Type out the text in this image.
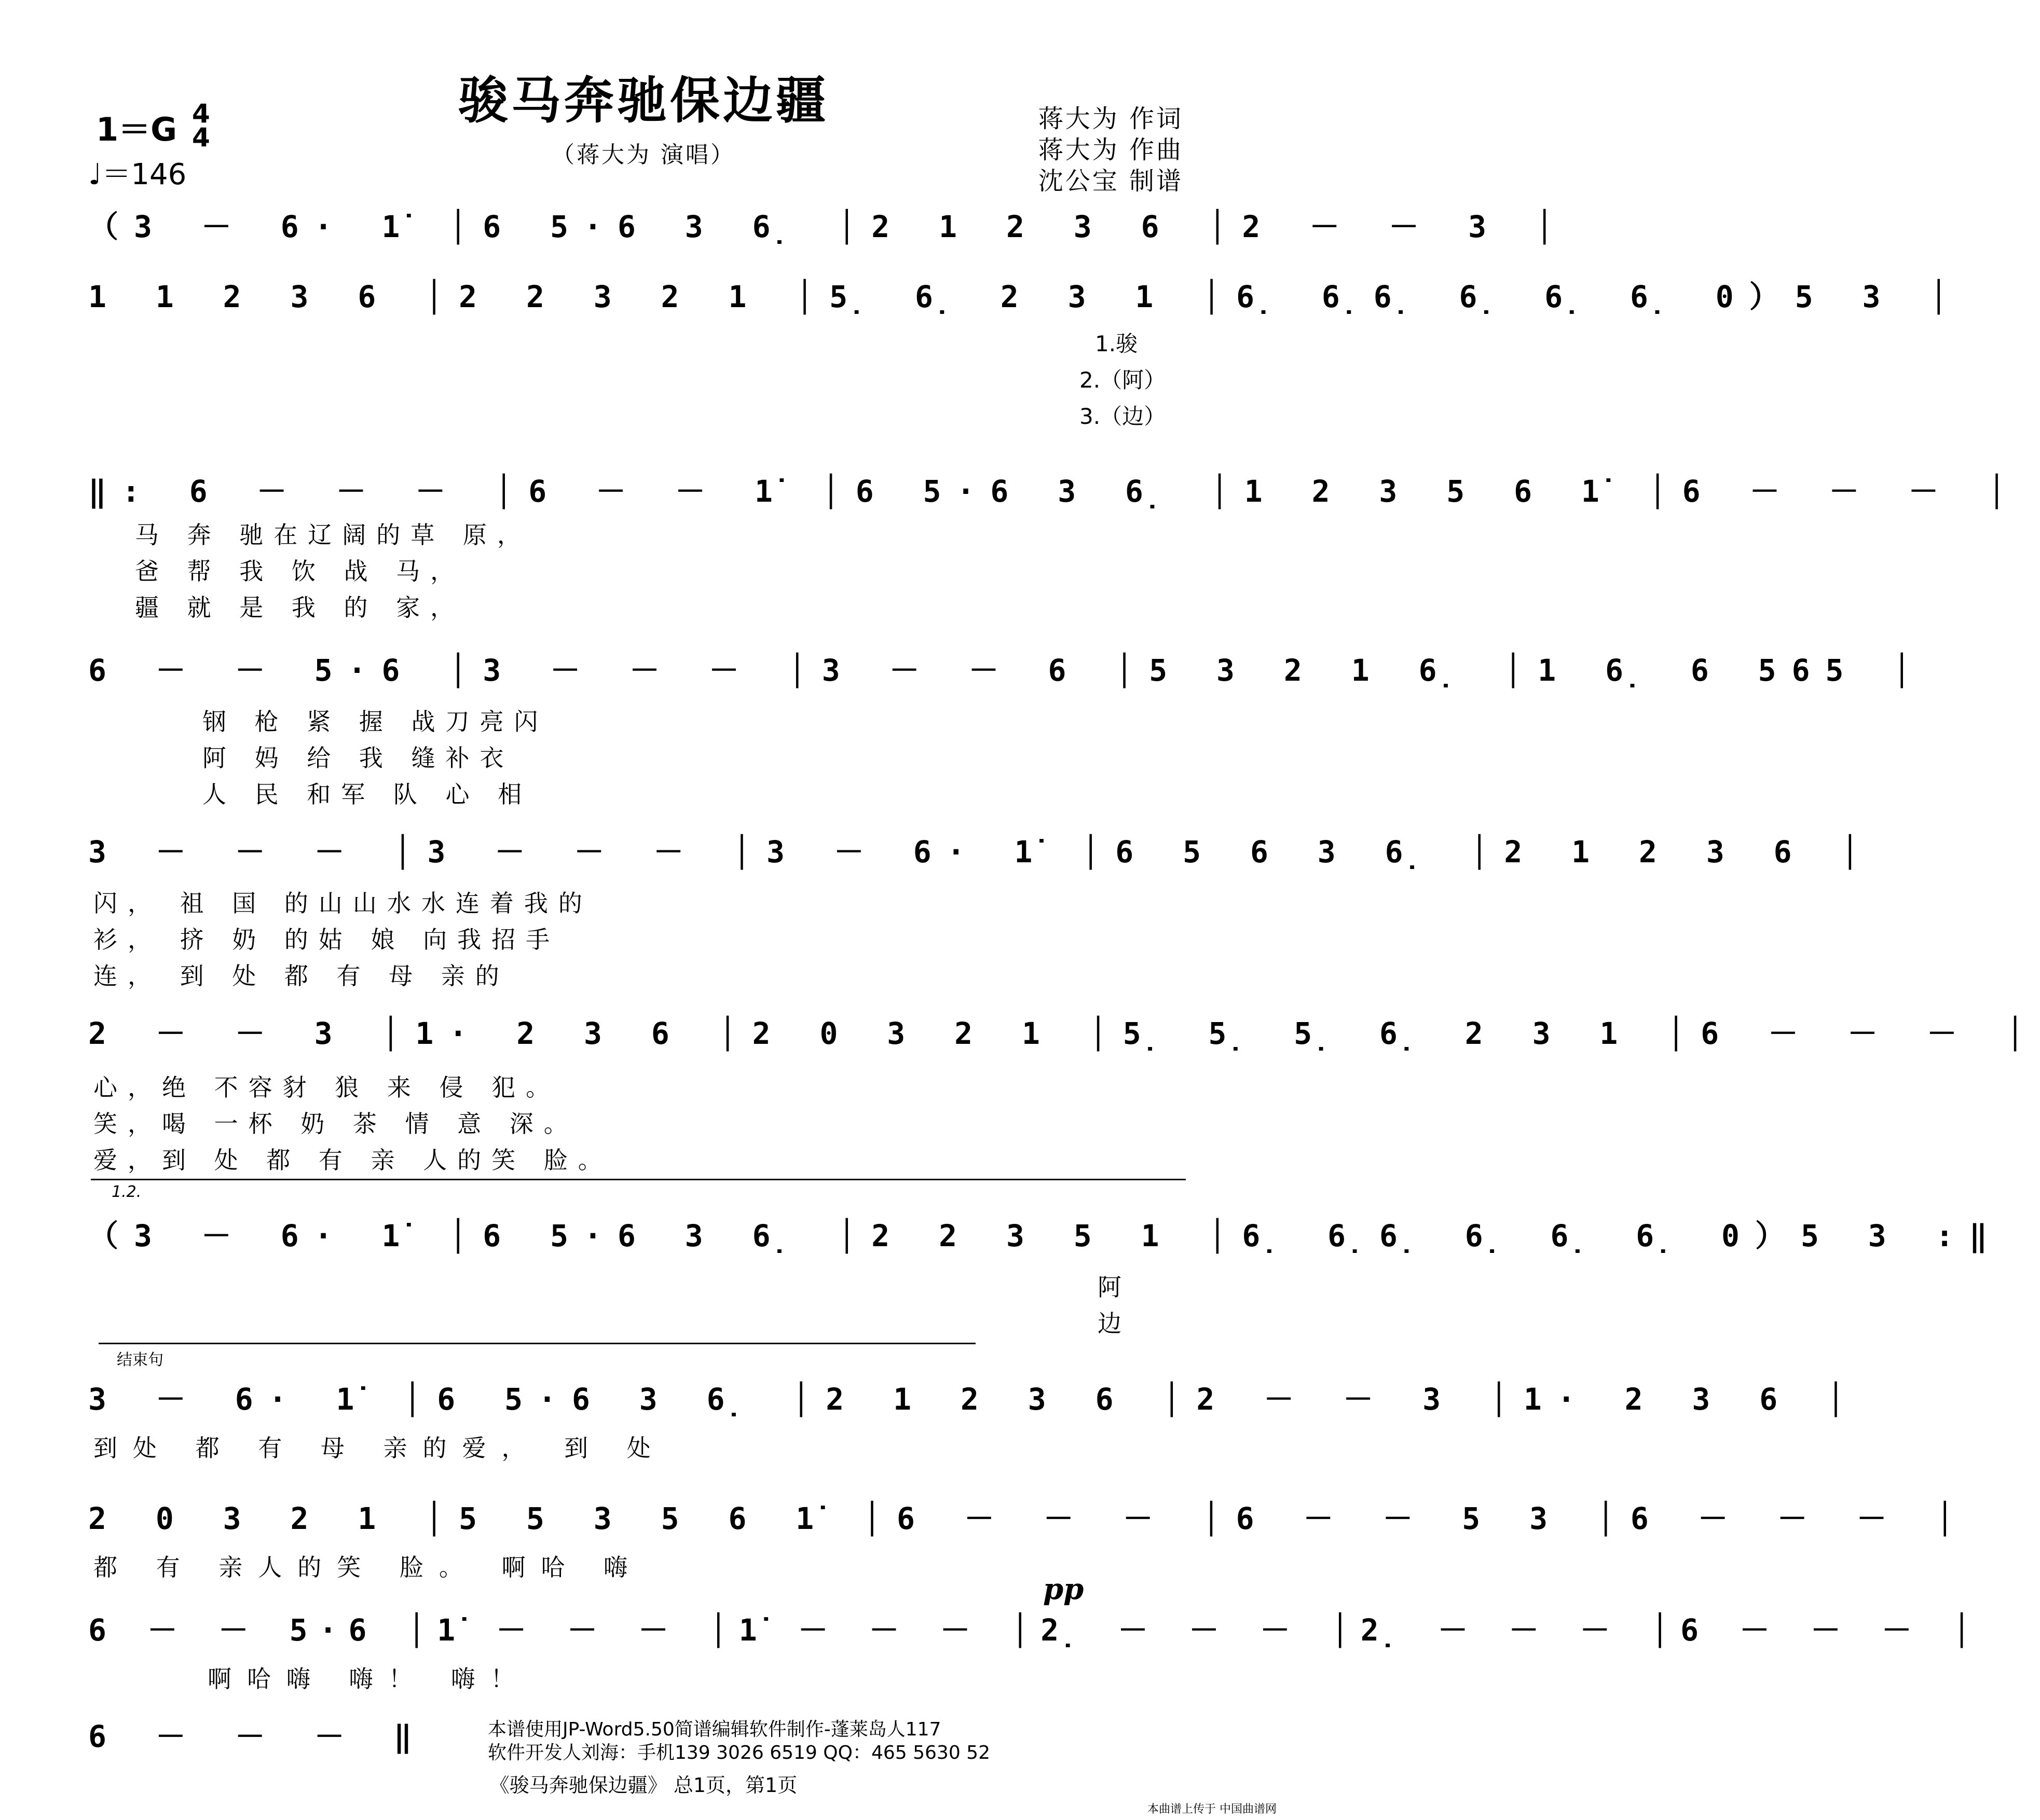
骏马奔驰保边疆
（蒋大为 演唱）
1＝G 4
4
♩＝146
蒋大为 作词
蒋大为 作曲
沈公宝 制谱
（3 － 6· 1̇ │6 5·6 3 6̣ │2 1 2 3 6 │2 － － 3 │
1 1 2 3 6 │2 2 3 2 1 │5̣ 6̣ 2 3 1 │6̣ 6̣6̣ 6̣ 6̣ 6̣ 0）5 3 │
1.骏
2.（阿）
3.（边）
‖: 6 － － － │6 － － 1̇ │6 5·6 3 6̣ │1 2 3 5 6 1̇ │6 － － － │
马 奔 驰在辽阔的草 原，
爸 帮 我 饮 战 马，
疆 就 是 我 的 家，
6 － － 5·6 │3 － － － │3 － － 6 │5 3 2 1 6̣ │1 6̣ 6 565 │
钢 枪 紧 握 战刀亮闪
阿 妈 给 我 缝补衣
人 民 和军 队 心 相
3 － － － │3 － － － │3 － 6· 1̇ │6 5 6 3 6̣ │2 1 2 3 6 │
闪， 祖 国 的山山水水连着我的
衫， 挤 奶 的姑 娘 向我招手
连， 到 处 都 有 母 亲的
2 － － 3 │1· 2 3 6 │2 0 3 2 1 │5̣ 5̣ 5̣ 6̣ 2 3 1 │6 － － － │
心，绝 不容豺 狼 来 侵 犯。
笑，喝 一杯 奶 茶 情 意 深。
爱，到 处 都 有 亲 人的笑 脸。
1.2.
（3 － 6· 1̇ │6 5·6 3 6̣ │2 2 3 5 1 │6̣ 6̣6̣ 6̣ 6̣ 6̣ 0）5 3 :‖
阿
边
结束句
3 － 6· 1̇ │6 5·6 3 6̣ │2 1 2 3 6 │2 － － 3 │1· 2 3 6 │
到处 都 有 母 亲的爱， 到 处
2 0 3 2 1 │5 5 3 5 6 1̇ │6 － － － │6 － － 5 3 │6 － － － │
都 有 亲人的笑 脸。 啊哈 嗨
pp
6 － － 5·6 │1̇ － － － │1̇ － － － │2̣ － － － │2̣ － － － │6 － － － │
啊哈嗨 嗨！ 嗨！
6 － － － ‖	本谱使用JP-Word5.50简谱编辑软件制作-蓬莱岛人117
软件开发人刘海：手机139 3026 6519 QQ：465 5630 52
《骏马奔驰保边疆》 总1页，第1页
本曲谱上传于 中国曲谱网
